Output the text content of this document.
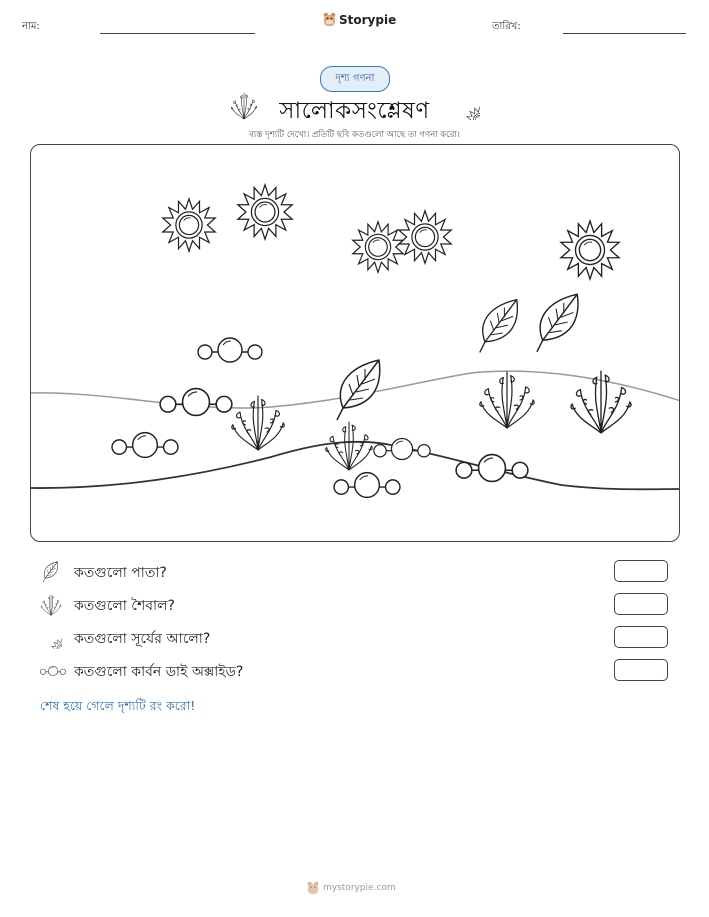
নাম:	Storypie	তারিখ:
দৃশ্য গণনা
সালোকসংশ্লেষণ
ব্যস্ত দৃশ্যটি দেখো। প্রতিটি ছবি কতগুলো আছে তা গণনা করো।
কতগুলো পাতা?
কতগুলো শৈবাল?
কতগুলো সূর্যের আলো?
কতগুলো কার্বন ডাই অক্সাইড?
শেষ হয়ে গেলে দৃশ্যটি রং করো!
mystorypie.com
